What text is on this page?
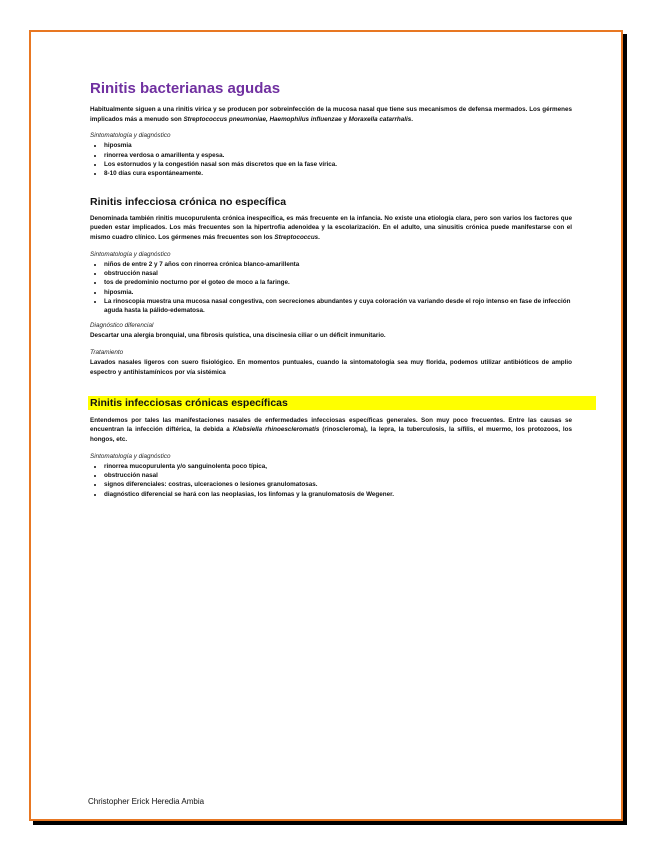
Rinitis bacterianas agudas

Habitualmente siguen a una rinitis vírica y se producen por sobreinfección de la mucosa nasal que tiene sus mecanismos de defensa mermados. Los gérmenes implicados más a menudo son Streptococcus pneumoniae, Haemophilus influenzae y Moraxella catarrhalis.

Sintomatología y diagnóstico
• hiposmia
• rinorrea verdosa o amarillenta y espesa.
• Los estornudos y la congestión nasal son más discretos que en la fase vírica.
• 8-10 días cura espontáneamente.
Rinitis infecciosa crónica no específica

Denominada también rinitis mucopurulenta crónica inespecífica, es más frecuente en la infancia. No existe una etiología clara, pero son varios los factores que pueden estar implicados. Los más frecuentes son la hipertrofia adenoidea y la escolarización. En el adulto, una sinusitis crónica puede manifestarse con el mismo cuadro clínico. Los gérmenes más frecuentes son los Streptococcus.

Sintomatología y diagnóstico
• niños de entre 2 y 7 años con rinorrea crónica blanco-amarillenta
• obstrucción nasal
• tos de predominio nocturno por el goteo de moco a la faringe.
• hiposmia.
• La rinoscopia muestra una mucosa nasal congestiva, con secreciones abundantes y cuya coloración va variando desde el rojo intenso en fase de infección aguda hasta la pálido-edematosa.
Diagnóstico diferencial

Descartar una alergia bronquial, una fibrosis quística, una discinesia ciliar o un déficit inmunitario.

Tratamiento

Lavados nasales ligeros con suero fisiológico. En momentos puntuales, cuando la sintomatología sea muy florida, podemos utilizar antibióticos de amplio espectro y antihistamínicos por vía sistémica

Rinitis infecciosas crónicas específicas

Entendemos por tales las manifestaciones nasales de enfermedades infecciosas específicas generales. Son muy poco frecuentes. Entre las causas se encuentran la infección diftérica, la debida a Klebsiella rhinoescleromatis (rinoscleroma), la lepra, la tuberculosis, la sífilis, el muermo, los protozoos, los hongos, etc.

Sintomatología y diagnóstico
• rinorrea mucopurulenta y/o sanguinolenta poco típica,
• obstrucción nasal
• signos diferenciales: costras, ulceraciones o lesiones granulomatosas.
• diagnóstico diferencial se hará con las neoplasias, los linfomas y la granulomatosis de Wegener.
Christopher Erick Heredia Ambia
